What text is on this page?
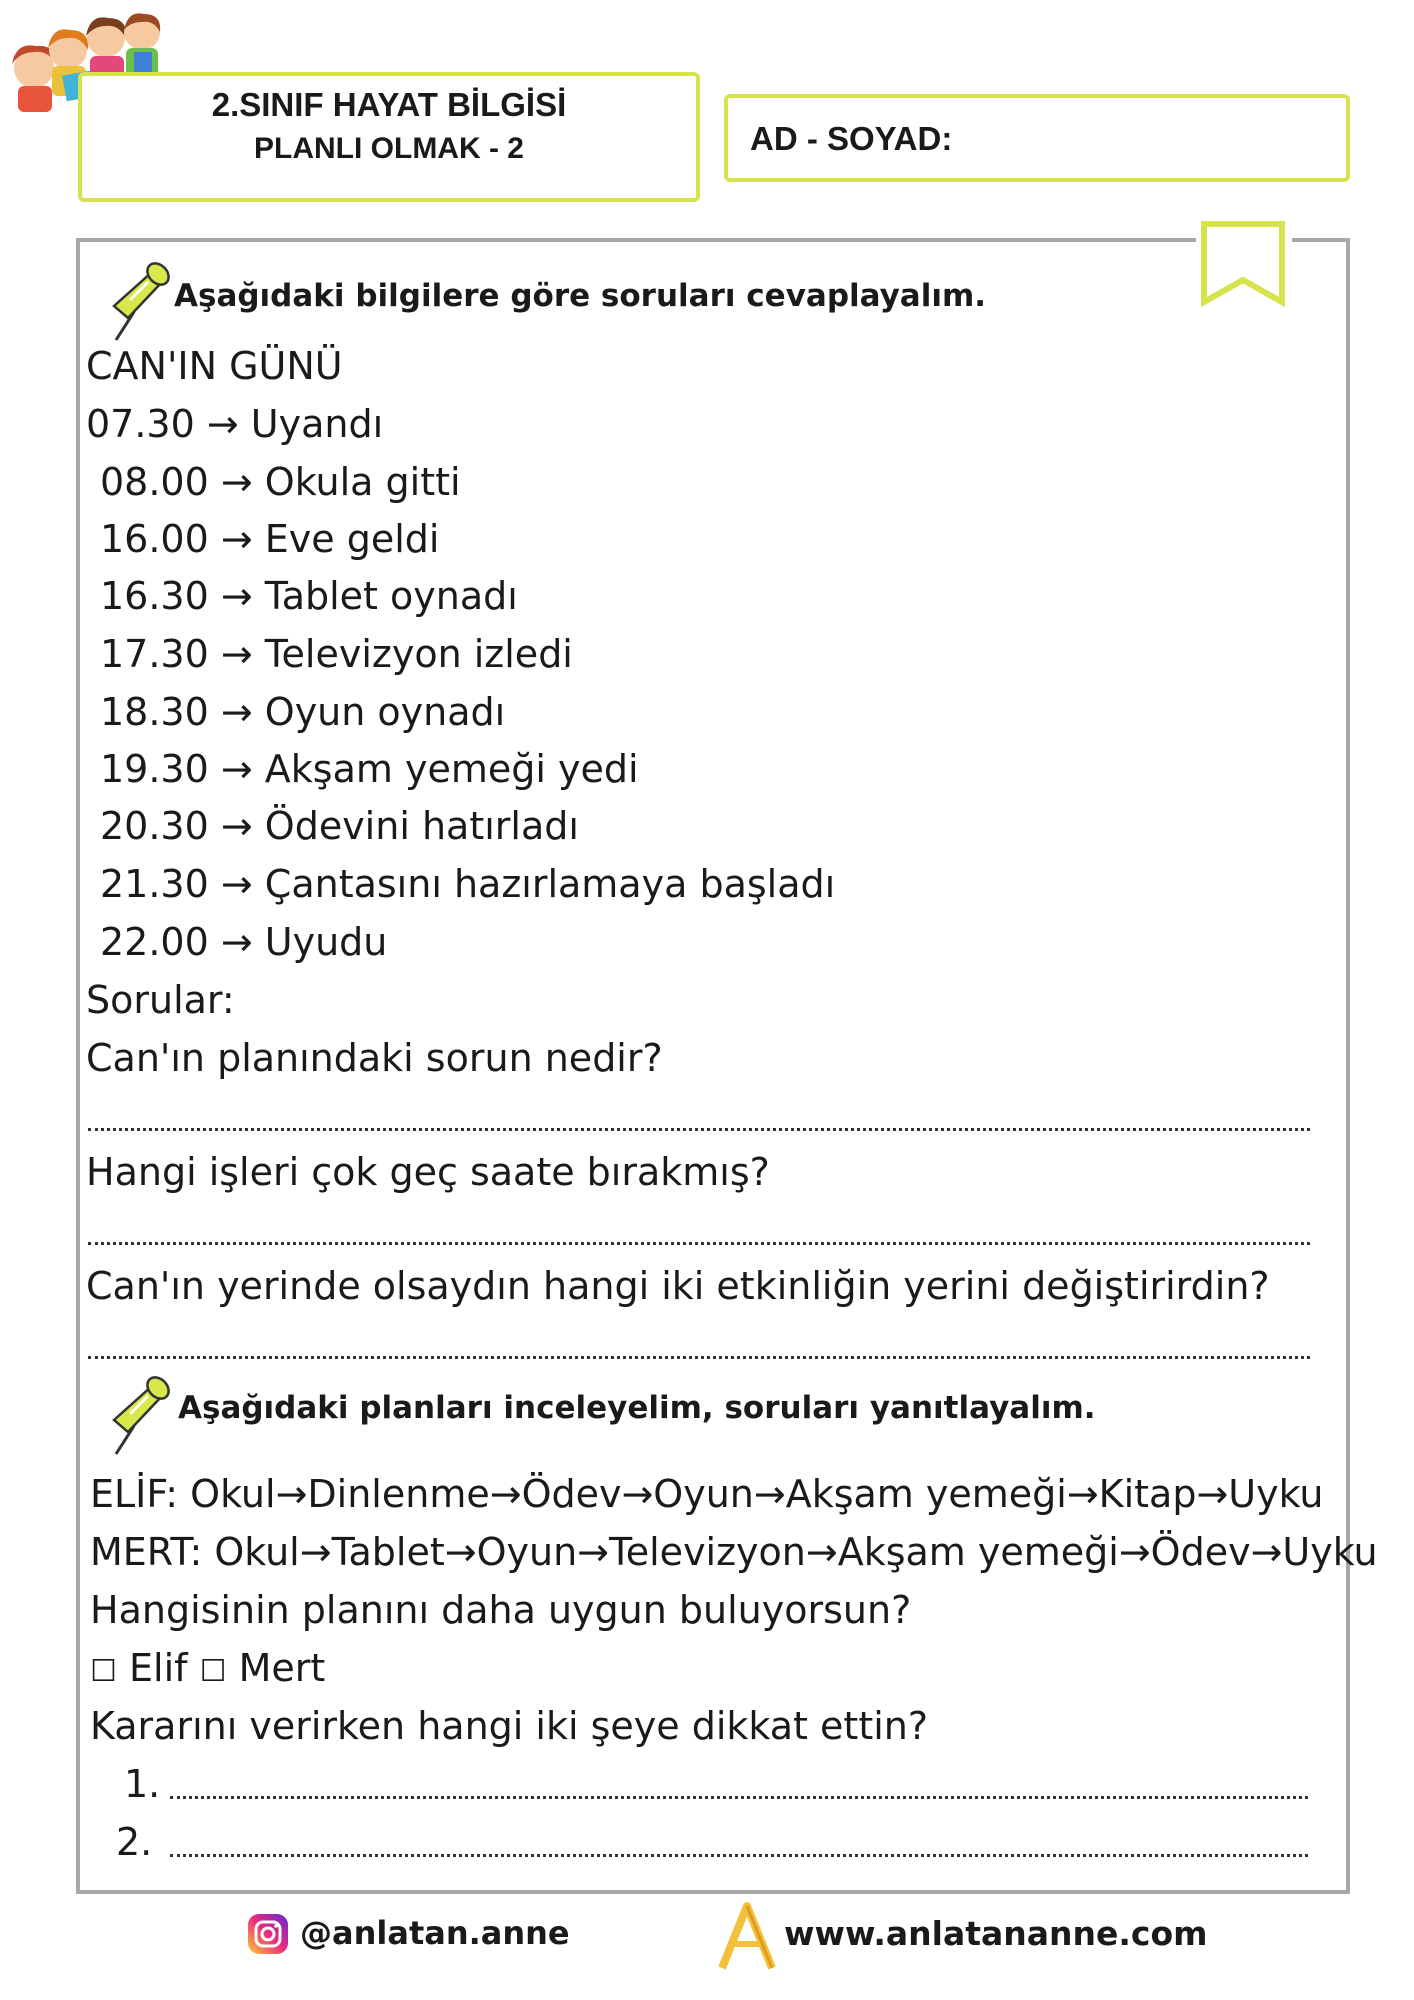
2.SINIF HAYAT BİLGİSİ
PLANLI OLMAK - 2	AD - SOYAD:
Aşağıdaki bilgilere göre soruları cevaplayalım.
CAN'IN GÜNÜ
07.30 → Uyandı
08.00 → Okula gitti
16.00 → Eve geldi
16.30 → Tablet oynadı
17.30 → Televizyon izledi
18.30 → Oyun oynadı
19.30 → Akşam yemeği yedi
20.30 → Ödevini hatırladı
21.30 → Çantasını hazırlamaya başladı
22.00 → Uyudu
Sorular:
Can'ın planındaki sorun nedir?
Hangi işleri çok geç saate bırakmış?
Can'ın yerinde olsaydın hangi iki etkinliğin yerini değiştirirdin?
Aşağıdaki planları inceleyelim, soruları yanıtlayalım.
ELİF: Okul→Dinlenme→Ödev→Oyun→Akşam yemeği→Kitap→Uyku
MERT: Okul→Tablet→Oyun→Televizyon→Akşam yemeği→Ödev→Uyku
Hangisinin planını daha uygun buluyorsun?
☐ Elif ☐ Mert
Kararını verirken hangi iki şeye dikkat ettin?
1.
2.
@anlatan.anne	www.anlatananne.com
